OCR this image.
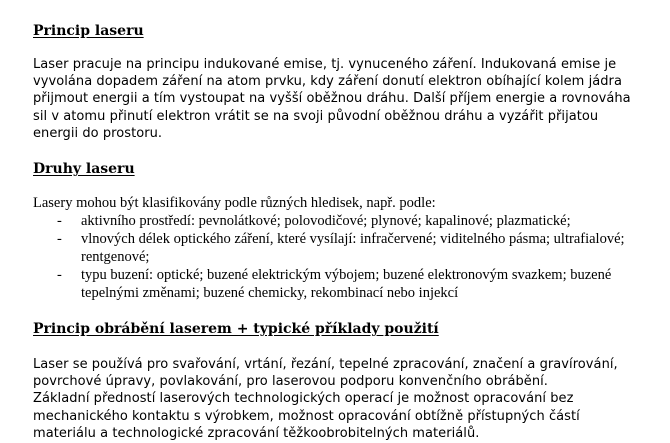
Princip laseru

Laser pracuje na principu indukované emise, tj. vynuceného záření. Indukovaná emise je vyvolána dopadem záření na atom prvku, kdy záření donutí elektron obíhající kolem jádra přijmout energii a tím vystoupat na vyšší oběžnou dráhu. Další příjem energie a rovnováha sil v atomu přinutí elektron vrátit se na svoji původní oběžnou dráhu a vyzářit přijatou energii do prostoru.

Druhy laseru

Lasery mohou být klasifikovány podle různých hledisek, např. podle:

- aktivního prostředí: pevnolátkové; polovodičové; plynové; kapalinové; plazmatické;
- vlnových délek optického záření, které vysílají: infračervené; viditelného pásma; ultrafialové; rentgenové;
- typu buzení: optické; buzené elektrickým výbojem; buzené elektronovým svazkem; buzené tepelnými změnami; buzené chemicky, rekombinací nebo injekcí
Princip obrábění laserem + typické příklady použití

Laser se používá pro svařování, vrtání, řezání, tepelné zpracování, značení a gravírování, povrchové úpravy, povlakování, pro laserovou podporu konvenčního obrábění.

Základní předností laserových technologických operací je možnost opracování bez mechanického kontaktu s výrobkem, možnost opracování obtížně přístupných částí materiálu a technologické zpracování těžkoobrobitelných materiálů.
